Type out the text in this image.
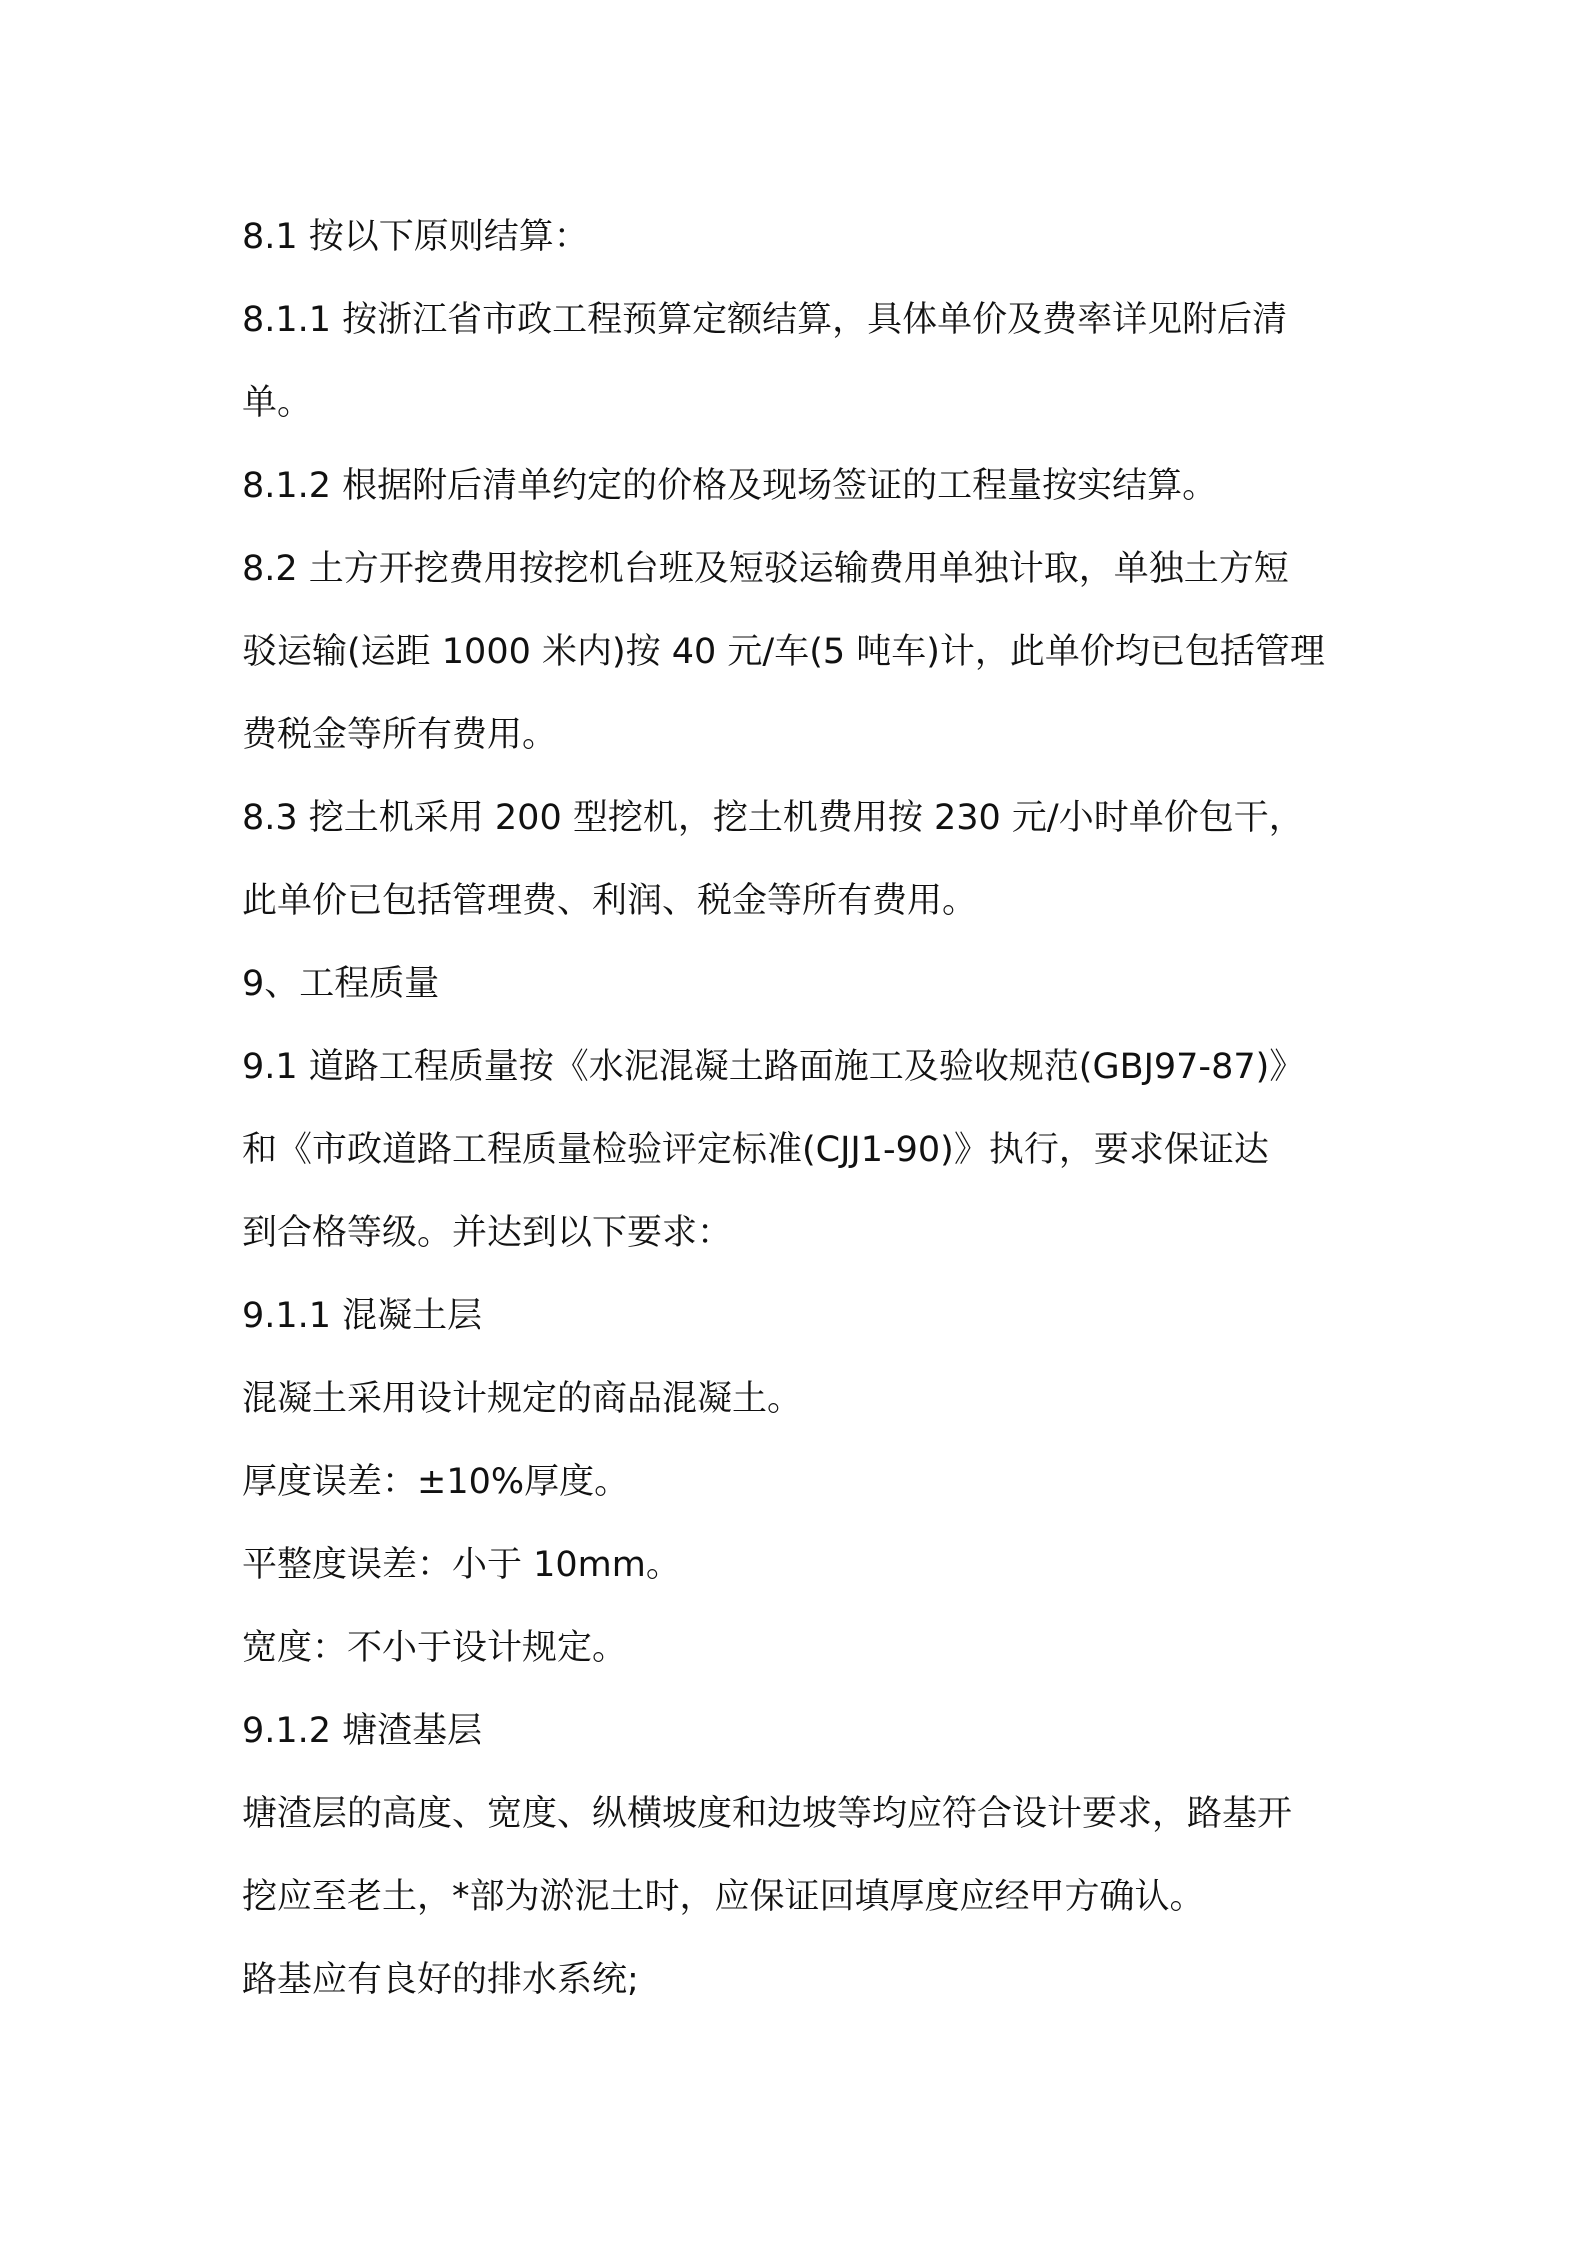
8.1 按以下原则结算：
8.1.1 按浙江省市政工程预算定额结算，具体单价及费率详见附后清
单。
8.1.2 根据附后清单约定的价格及现场签证的工程量按实结算。
8.2 土方开挖费用按挖机台班及短驳运输费用单独计取，单独土方短
驳运输(运距 1000 米内)按 40 元/车(5 吨车)计，此单价均已包括管理
费税金等所有费用。
8.3 挖土机采用 200 型挖机，挖土机费用按 230 元/小时单价包干，
此单价已包括管理费、利润、税金等所有费用。
9、工程质量
9.1 道路工程质量按《水泥混凝土路面施工及验收规范(GBJ97-87)》
和《市政道路工程质量检验评定标准(CJJ1-90)》执行，要求保证达
到合格等级。并达到以下要求：
9.1.1 混凝土层
混凝土采用设计规定的商品混凝土。
厚度误差：±10%厚度。
平整度误差：小于 10mm。
宽度：不小于设计规定。
9.1.2 塘渣基层
塘渣层的高度、宽度、纵横坡度和边坡等均应符合设计要求，路基开
挖应至老土，*部为淤泥土时，应保证回填厚度应经甲方确认。
路基应有良好的排水系统;
